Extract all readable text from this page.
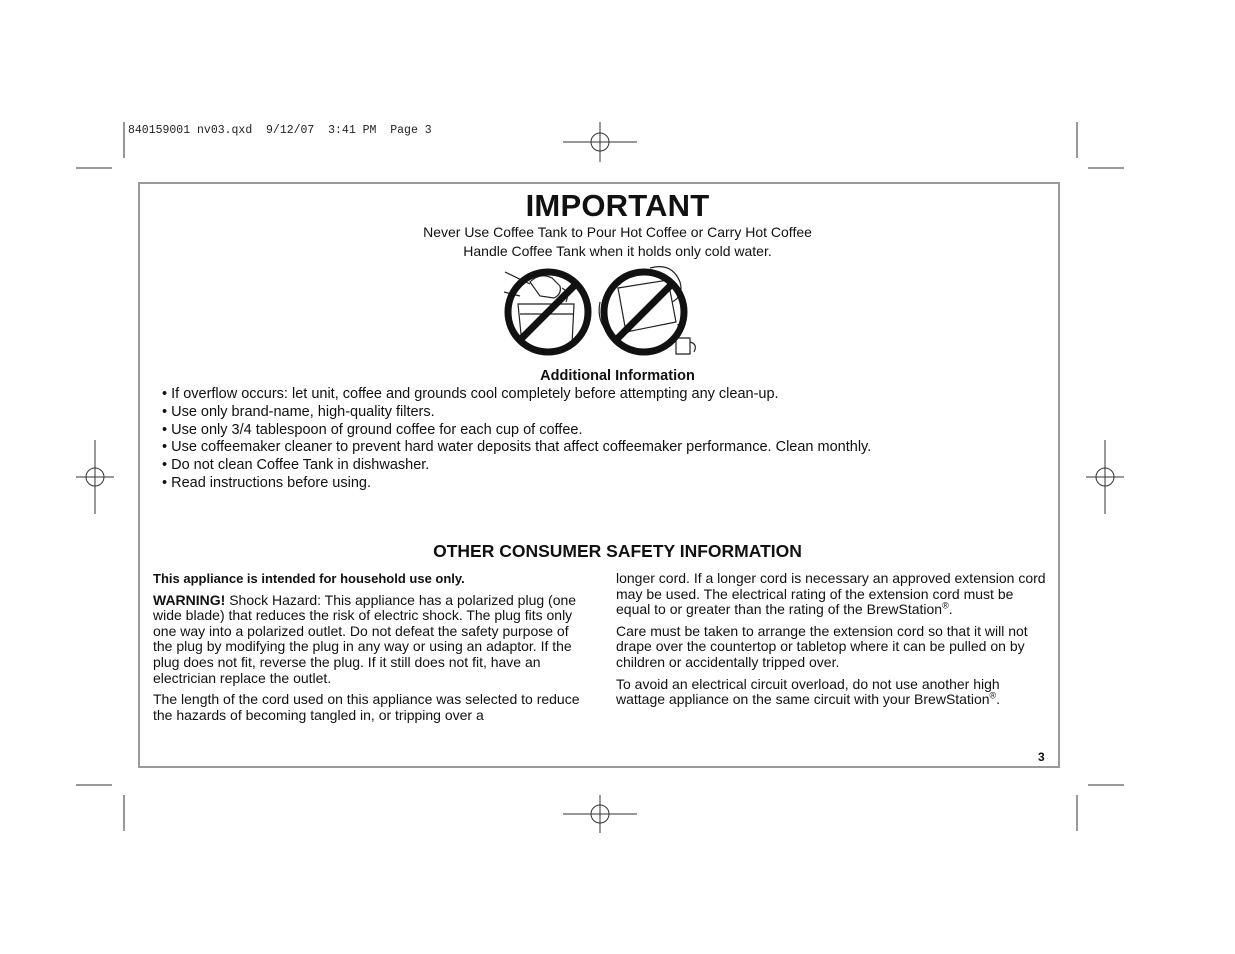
840159001 nv03.qxd  9/12/07  3:41 PM  Page 3
IMPORTANT
Never Use Coffee Tank to Pour Hot Coffee or Carry Hot Coffee
Handle Coffee Tank when it holds only cold water.
Additional Information
• If overflow occurs: let unit, coffee and grounds cool completely before attempting any clean-up.
• Use only brand-name, high-quality filters.
• Use only 3/4 tablespoon of ground coffee for each cup of coffee.
• Use coffeemaker cleaner to prevent hard water deposits that affect coffeemaker performance. Clean monthly.
• Do not clean Coffee Tank in dishwasher.
• Read instructions before using.
OTHER CONSUMER SAFETY INFORMATION

This appliance is intended for household use only.

WARNING! Shock Hazard: This appliance has a polarized plug (one wide blade) that reduces the risk of electric shock. The plug fits only one way into a polarized outlet. Do not defeat the safety purpose of the plug by modifying the plug in any way or using an adaptor. If the plug does not fit, reverse the plug. If it still does not fit, have an electrician replace the outlet.

The length of the cord used on this appliance was selected to reduce the hazards of becoming tangled in, or tripping over a

longer cord. If a longer cord is necessary an approved extension cord may be used. The electrical rating of the extension cord must be equal to or greater than the rating of the BrewStation®.

Care must be taken to arrange the extension cord so that it will not drape over the countertop or tabletop where it can be pulled on by children or accidentally tripped over.

To avoid an electrical circuit overload, do not use another high wattage appliance on the same circuit with your BrewStation®.

3
